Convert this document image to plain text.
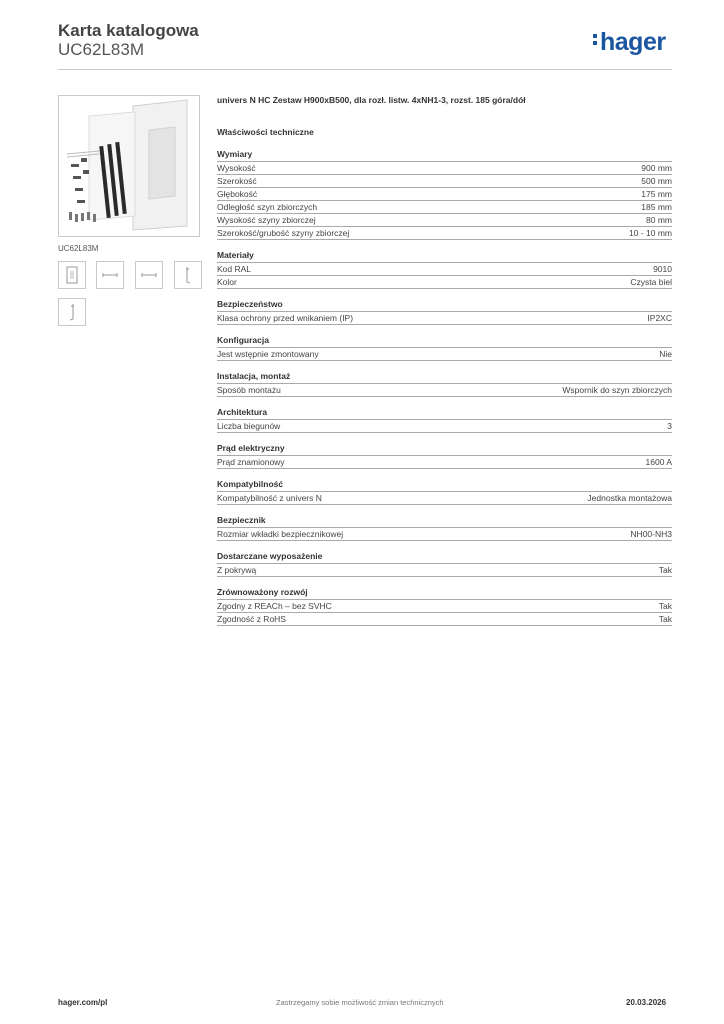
Karta katalogowa
UC62L83M	hager
UC62L83M
univers N HC Zestaw H900xB500, dla rozł. listw. 4xNH1-3, rozst. 185 góra/dół
Właściwości techniczne
Wymiary
Wysokość	900 mm
Szerokość	500 mm
Głębokość	175 mm
Odległość szyn zbiorczych	185 mm
Wysokość szyny zbiorczej	80 mm
Szerokość/grubość szyny zbiorczej	10 - 10 mm
Materiały
Kod RAL	9010
Kolor	Czysta biel
Bezpieczeństwo
Klasa ochrony przed wnikaniem (IP)	IP2XC
Konfiguracja
Jest wstępnie zmontowany	Nie
Instalacja, montaż
Sposób montażu	Wspornik do szyn zbiorczych
Architektura
Liczba biegunów	3
Prąd elektryczny
Prąd znamionowy	1600 A
Kompatybilność
Kompatybilność z univers N	Jednostka montażowa
Bezpiecznik
Rozmiar wkładki bezpiecznikowej	NH00-NH3
Dostarczane wyposażenie
Z pokrywą	Tak
Zrównoważony rozwój
Zgodny z REACh – bez SVHC	Tak
Zgodność z RoHS	Tak
hager.com/pl	Zastrzegamy sobie możliwość zmian technicznych	20.03.2026
